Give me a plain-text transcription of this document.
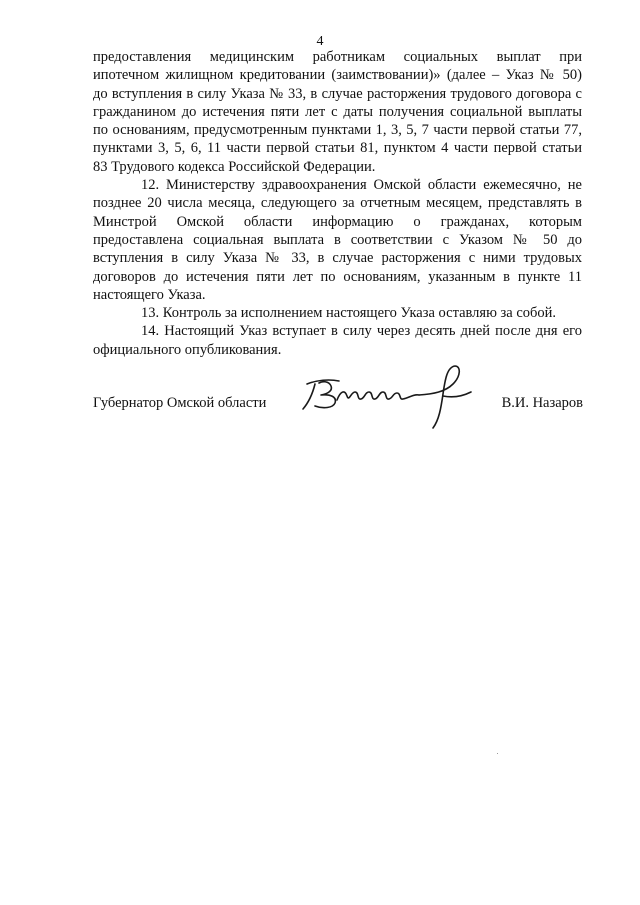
4

предоставления медицинским работникам социальных выплат при
ипотечном жилищном кредитовании (заимствовании)» (далее – Указ № 50)
до вступления в силу Указа № 33, в случае расторжения трудового договора с
гражданином до истечения пяти лет с даты получения социальной выплаты
по основаниям, предусмотренным пунктами 1, 3, 5, 7 части первой статьи 77,
пунктами 3, 5, 6, 11 части первой статьи 81, пунктом 4 части первой статьи
83 Трудового кодекса Российской Федерации.

12. Министерству здравоохранения Омской области ежемесячно, не
позднее 20 числа месяца, следующего за отчетным месяцем, представлять в
Минстрой Омской области информацию о гражданах, которым
предоставлена социальная выплата в соответствии с Указом № 50 до
вступления в силу Указа № 33, в случае расторжения с ними трудовых
договоров до истечения пяти лет по основаниям, указанным в пункте 11
настоящего Указа.

13. Контроль за исполнением настоящего Указа оставляю за собой.

14. Настоящий Указ вступает в силу через десять дней после дня его
официального опубликования.

Губернатор Омской области	В.И. Назаров
